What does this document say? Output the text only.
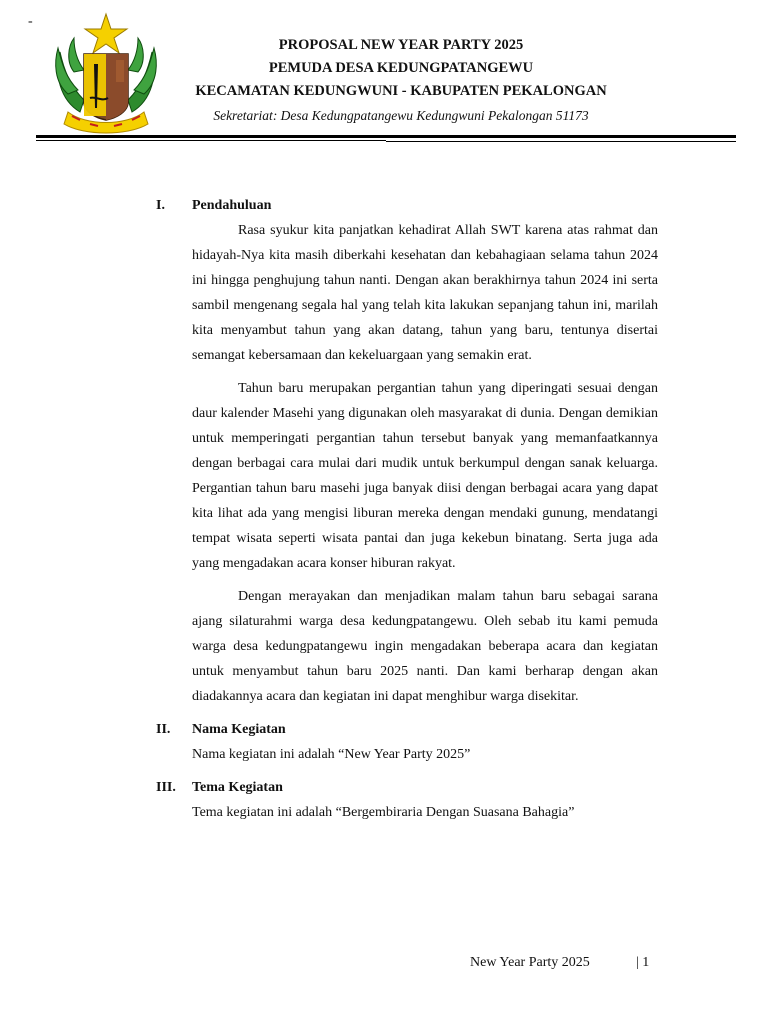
-
PROPOSAL NEW YEAR PARTY 2025
PEMUDA DESA KEDUNGPATANGEWU
KECAMATAN KEDUNGWUNI - KABUPATEN PEKALONGAN
Sekretariat: Desa Kedungpatangewu Kedungwuni Pekalongan 51173
I. Pendahuluan

Rasa syukur kita panjatkan kehadirat Allah SWT karena atas rahmat dan hidayah-Nya kita masih diberkahi kesehatan dan kebahagiaan selama tahun 2024 ini hingga penghujung tahun nanti. Dengan akan berakhirnya tahun 2024 ini serta sambil mengenang segala hal yang telah kita lakukan sepanjang tahun ini, marilah kita menyambut tahun yang akan datang, tahun yang baru, tentunya disertai semangat kebersamaan dan kekeluargaan yang semakin erat.

Tahun baru merupakan pergantian tahun yang diperingati sesuai dengan daur kalender Masehi yang digunakan oleh masyarakat di dunia. Dengan demikian untuk memperingati pergantian tahun tersebut banyak yang memanfaatkannya dengan berbagai cara mulai dari mudik untuk berkumpul dengan sanak keluarga. Pergantian tahun baru masehi juga banyak diisi dengan berbagai acara yang dapat kita lihat ada yang mengisi liburan mereka dengan mendaki gunung, mendatangi tempat wisata seperti wisata pantai dan juga kekebun binatang. Serta juga ada yang mengadakan acara konser hiburan rakyat.

Dengan merayakan dan menjadikan malam tahun baru sebagai sarana ajang silaturahmi warga desa kedungpatangewu. Oleh sebab itu kami pemuda warga desa kedungpatangewu ingin mengadakan beberapa acara dan kegiatan untuk menyambut tahun baru 2025 nanti. Dan kami berharap dengan akan diadakannya acara dan kegiatan ini dapat menghibur warga disekitar.

II. Nama Kegiatan

Nama kegiatan ini adalah “New Year Party 2025”

III. Tema Kegiatan

Tema kegiatan ini adalah “Bergembiraria Dengan Suasana Bahagia”

New Year Party 2025	| 1
